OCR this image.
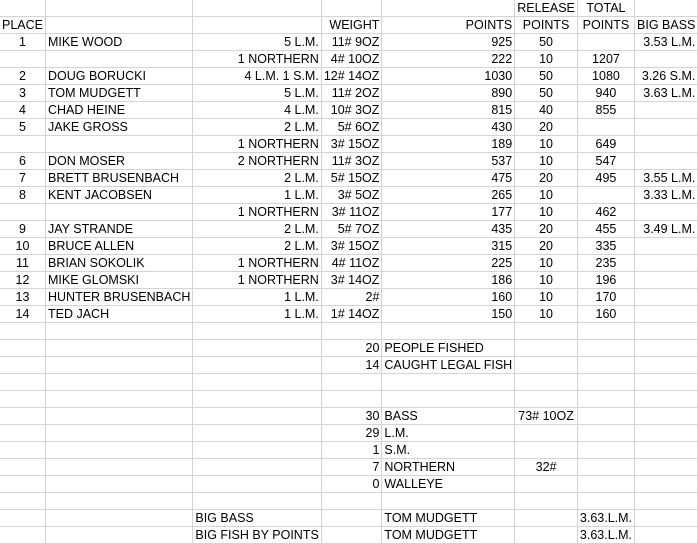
					RELEASE	TOTAL	
PLACE			WEIGHT	POINTS	POINTS	POINTS	BIG BASS
1	MIKE WOOD	5 L.M.	11# 9OZ	925	50		3.53 L.M.
		1 NORTHERN	4# 10OZ	222	10	1207	
2	DOUG BORUCKI	4 L.M. 1 S.M.	12# 14OZ	1030	50	1080	3.26 S.M.
3	TOM MUDGETT	5 L.M.	11# 2OZ	890	50	940	3.63 L.M.
4	CHAD HEINE	4 L.M.	10# 3OZ	815	40	855	
5	JAKE GROSS	2 L.M.	5# 6OZ	430	20		
		1 NORTHERN	3# 15OZ	189	10	649	
6	DON MOSER	2 NORTHERN	11# 3OZ	537	10	547	
7	BRETT BRUSENBACH	2 L.M.	5# 15OZ	475	20	495	3.55 L.M.
8	KENT JACOBSEN	1 L.M.	3# 5OZ	265	10		3.33 L.M.
		1 NORTHERN	3# 11OZ	177	10	462	
9	JAY STRANDE	2 L.M.	5# 7OZ	435	20	455	3.49 L.M.
10	BRUCE ALLEN	2 L.M.	3# 15OZ	315	20	335	
11	BRIAN SOKOLIK	1 NORTHERN	4# 11OZ	225	10	235	
12	MIKE GLOMSKI	1 NORTHERN	3# 14OZ	186	10	196	
13	HUNTER BRUSENBACH	1 L.M.	2#	160	10	170	
14	TED JACH	1 L.M.	1# 14OZ	150	10	160	

			20	PEOPLE FISHED			
			14	CAUGHT LEGAL FISH			

			30	BASS	73# 10OZ		
			29	L.M.			
			1	S.M.			
			7	NORTHERN	32#		
			0	WALLEYE			

		BIG BASS		TOM MUDGETT		3.63.L.M.	
		BIG FISH BY POINTS		TOM MUDGETT		3.63.L.M.	
